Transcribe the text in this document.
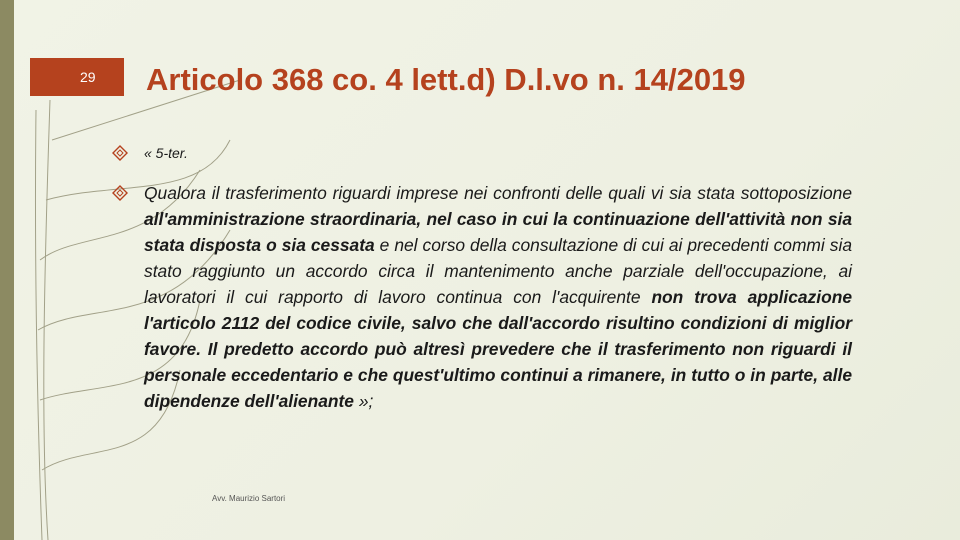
29	Articolo 368 co. 4 lett.d) D.l.vo n. 14/2019
« 5-ter.

Qualora il trasferimento riguardi imprese nei confronti delle quali vi sia stata sottoposizione all'amministrazione straordinaria, nel caso in cui la continuazione dell'attività non sia stata disposta o sia cessata e nel corso della consultazione di cui ai precedenti commi sia stato raggiunto un accordo circa il mantenimento anche parziale dell'occupazione, ai lavoratori il cui rapporto di lavoro continua con l'acquirente non trova applicazione l'articolo 2112 del codice civile, salvo che dall'accordo risultino condizioni di miglior favore. Il predetto accordo può altresì prevedere che il trasferimento non riguardi il personale eccedentario e che quest'ultimo continui a rimanere, in tutto o in parte, alle dipendenze dell'alienante »;

Avv. Maurizio Sartori
